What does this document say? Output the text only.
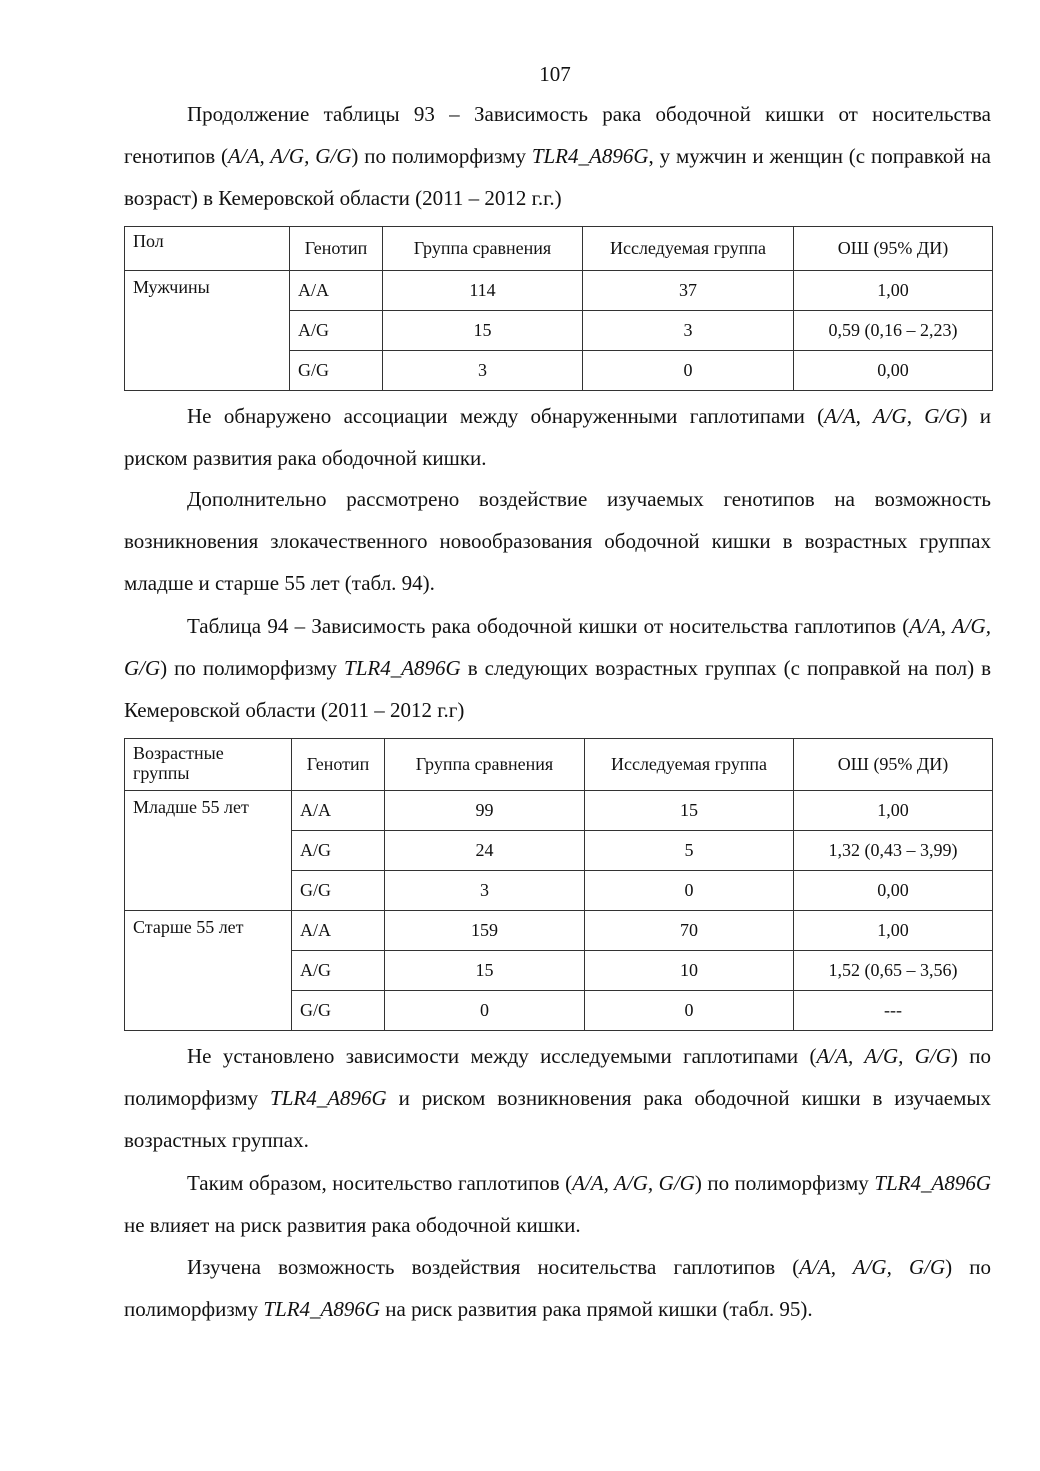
107

Продолжение таблицы 93 – Зависимость рака ободочной кишки от носительства генотипов (A/A, A/G, G/G) по полиморфизму TLR4_A896G, у мужчин и женщин (с поправкой на возраст) в Кемеровской области (2011 – 2012 г.г.)

Пол	Генотип	Группа сравнения	Исследуемая группа	ОШ (95% ДИ)
Мужчины	A/A	114	37	1,00
	A/G	15	3	0,59 (0,16 – 2,23)
	G/G	3	0	0,00

Не обнаружено ассоциации между обнаруженными гаплотипами (A/A, A/G, G/G) и риском развития рака ободочной кишки.

Дополнительно рассмотрено воздействие изучаемых генотипов на возможность возникновения злокачественного новообразования ободочной кишки в возрастных группах младше и старше 55 лет (табл. 94).

Таблица 94 – Зависимость рака ободочной кишки от носительства гаплотипов (A/A, A/G, G/G) по полиморфизму TLR4_A896G в следующих возрастных группах (с поправкой на пол) в Кемеровской области (2011 – 2012 г.г)

Возрастные группы	Генотип	Группа сравнения	Исследуемая группа	ОШ (95% ДИ)
Младше 55 лет	A/A	99	15	1,00
	A/G	24	5	1,32 (0,43 – 3,99)
	G/G	3	0	0,00
Старше 55 лет	A/A	159	70	1,00
	A/G	15	10	1,52 (0,65 – 3,56)
	G/G	0	0	---

Не установлено зависимости между исследуемыми гаплотипами (A/A, A/G, G/G) по полиморфизму TLR4_A896G и риском возникновения рака ободочной кишки в изучаемых возрастных группах.

Таким образом, носительство гаплотипов (A/A, A/G, G/G) по полиморфизму TLR4_A896G не влияет на риск развития рака ободочной кишки.

Изучена возможность воздействия носительства гаплотипов (A/A, A/G, G/G) по полиморфизму TLR4_A896G на риск развития рака прямой кишки (табл. 95).
